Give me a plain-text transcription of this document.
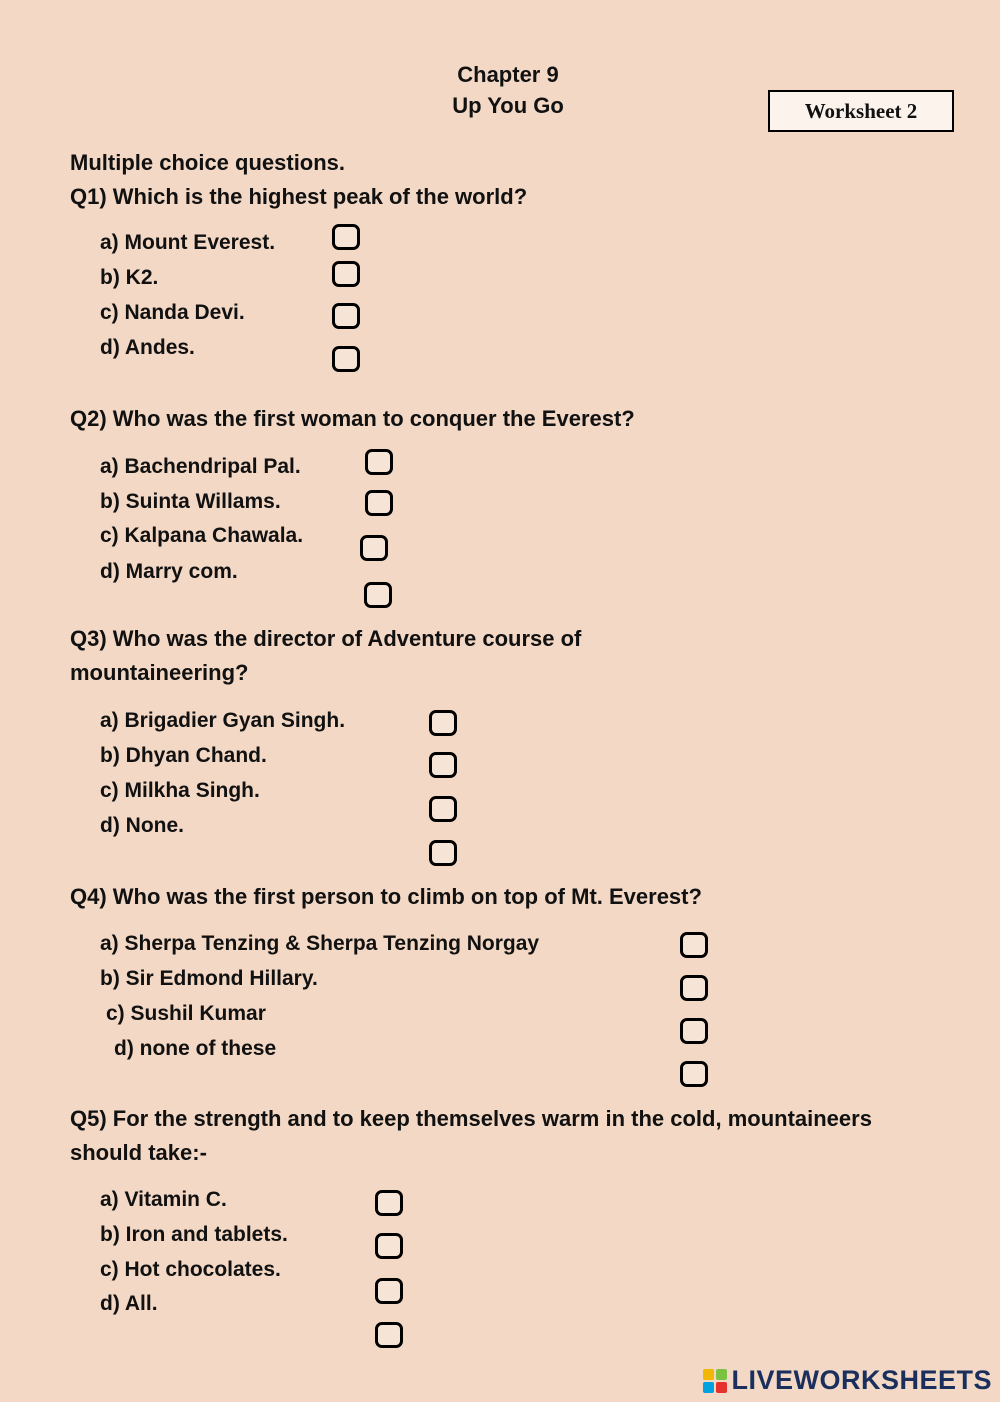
Chapter 9
Up You Go	Worksheet 2
Multiple choice questions.
Q1) Which is the highest peak of the world?
a) Mount Everest.
b) K2.
c) Nanda Devi.
d) Andes.
Q2) Who was the first woman to conquer the Everest?
a) Bachendripal Pal.
b) Suinta Willams.
c) Kalpana Chawala.
d) Marry com.
Q3) Who was the director of Adventure course of mountaineering?
a) Brigadier Gyan Singh.
b) Dhyan Chand.
c) Milkha Singh.
d) None.
Q4) Who was the first person to climb on top of Mt. Everest?
a) Sherpa Tenzing & Sherpa Tenzing Norgay
b) Sir Edmond Hillary.
c) Sushil Kumar
d) none of these
Q5) For the strength and to keep themselves warm in the cold, mountaineers should take:-
a) Vitamin C.
b) Iron and tablets.
c) Hot chocolates.
d) All.
LIVEWORKSHEETS
